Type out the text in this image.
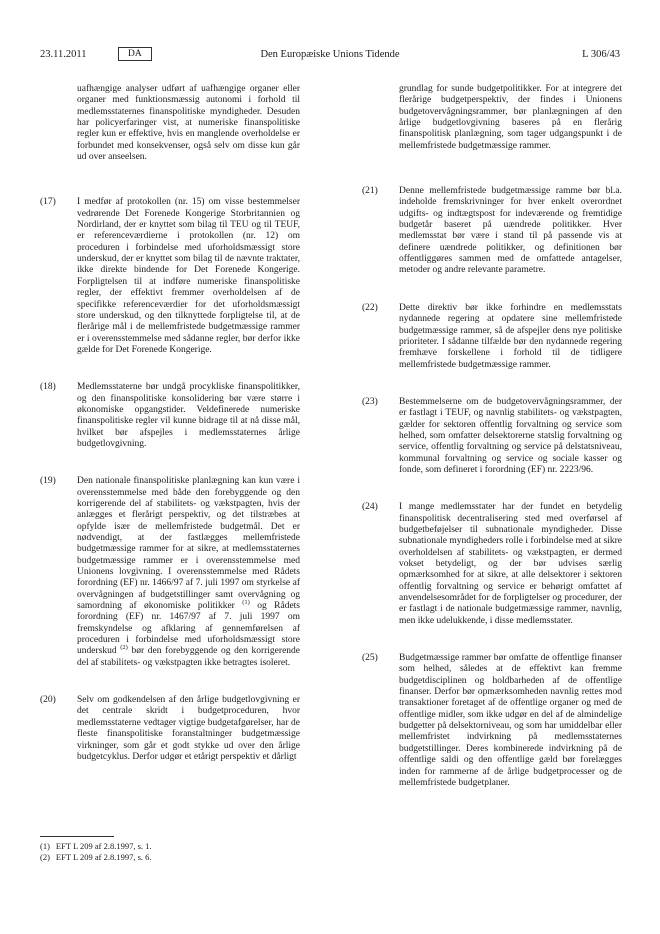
23.11.2011	DA	Den Europæiske Unions Tidende	L 306/43
uafhængige analyser udført af uafhængige organer eller organer med funktionsmæssig autonomi i forhold til medlemsstaternes finanspolitiske myndigheder. Desuden har policyerfaringer vist, at numeriske finanspolitiske regler kun er effektive, hvis en manglende overholdelse er forbundet med konsekvenser, også selv om disse kun går ud over anseelsen.
(17) I medfør af protokollen (nr. 15) om visse bestemmelser vedrørende Det Forenede Kongerige Storbritannien og Nordirland, der er knyttet som bilag til TEU og til TEUF, er referenceværdierne i protokollen (nr. 12) om proceduren i forbindelse med uforholdsmæssigt store underskud, der er knyttet som bilag til de nævnte traktater, ikke direkte bindende for Det Forenede Kongerige. Forpligtelsen til at indføre numeriske finanspolitiske regler, der effektivt fremmer overholdelsen af de specifikke referenceværdier for det uforholdsmæssigt store underskud, og den tilknyttede forpligtelse til, at de flerårige mål i de mellemfristede budgetmæssige rammer er i overensstemmelse med sådanne regler, bør derfor ikke gælde for Det Forenede Kongerige.
(18) Medlemsstaterne bør undgå procykliske finanspolitikker, og den finanspolitiske konsolidering bør være større i økonomiske opgangstider. Veldefinerede numeriske finanspolitiske regler vil kunne bidrage til at nå disse mål, hvilket bør afspejles i medlemsstaternes årlige budgetlovgivning.
(19) Den nationale finanspolitiske planlægning kan kun være i overensstemmelse med både den forebyggende og den korrigerende del af stabilitets- og vækstpagten, hvis der anlægges et flerårigt perspektiv, og det tilstræbes at opfylde især de mellemfristede budgetmål. Det er nødvendigt, at der fastlægges mellemfristede budgetmæssige rammer for at sikre, at medlemsstaternes budgetmæssige rammer er i overensstemmelse med Unionens lovgivning. I overensstemmelse med Rådets forordning (EF) nr. 1466/97 af 7. juli 1997 om styrkelse af overvågningen af budgetstillinger samt overvågning og samordning af økonomiske politikker $^{(1)}$ og Rådets forordning (EF) nr. 1467/97 af 7. juli 1997 om fremskyndelse og afklaring af gennemførelsen af proceduren i forbindelse med uforholdsmæssigt store underskud $^{(2)}$ bør den forebyggende og den korrigerende del af stabilitets- og vækstpagten ikke betragtes isoleret.
(20) Selv om godkendelsen af den årlige budgetlovgivning er det centrale skridt i budgetproceduren, hvor medlemsstaterne vedtager vigtige budgetafgørelser, har de fleste finanspolitiske foranstaltninger budgetmæssige virkninger, som går et godt stykke ud over den årlige budgetcyklus. Derfor udgør et etårigt perspektiv et dårligt
grundlag for sunde budgetpolitikker. For at integrere det flerårige budgetperspektiv, der findes i Unionens budgetovervågningsrammer, bør planlægningen af den årlige budgetlovgivning baseres på en flerårig finanspolitisk planlægning, som tager udgangspunkt i de mellemfristede budgetmæssige rammer.
(21) Denne mellemfristede budgetmæssige ramme bør bl.a. indeholde fremskrivninger for hver enkelt overordnet udgifts- og indtægtspost for indeværende og fremtidige budgetår baseret på uændrede politikker. Hver medlemsstat bør være i stand til på passende vis at definere uændrede politikker, og definitionen bør offentliggøres sammen med de omfattede antagelser, metoder og andre relevante parametre.
(22) Dette direktiv bør ikke forhindre en medlemsstats nydannede regering at opdatere sine mellemfristede budgetmæssige rammer, så de afspejler dens nye politiske prioriteter. I sådanne tilfælde bør den nydannede regering fremhæve forskellene i forhold til de tidligere mellemfristede budgetmæssige rammer.
(23) Bestemmelserne om de budgetovervågningsrammer, der er fastlagt i TEUF, og navnlig stabilitets- og vækstpagten, gælder for sektoren offentlig forvaltning og service som helhed, som omfatter delsektorerne statslig forvaltning og service, offentlig forvaltning og service på delstatsniveau, kommunal forvaltning og service og sociale kasser og fonde, som defineret i forordning (EF) nr. 2223/96.
(24) I mange medlemsstater har der fundet en betydelig finanspolitisk decentralisering sted med overførsel af budgetbeføjelser til subnationale myndigheder. Disse subnationale myndigheders rolle i forbindelse med at sikre overholdelsen af stabilitets- og vækstpagten, er dermed vokset betydeligt, og der bør udvises særlig opmærksomhed for at sikre, at alle delsektorer i sektoren offentlig forvaltning og service er behørigt omfattet af anvendelsesområdet for de forpligtelser og procedurer, der er fastlagt i de nationale budgetmæssige rammer, navnlig, men ikke udelukkende, i disse medlemsstater.
(25) Budgetmæssige rammer bør omfatte de offentlige finanser som helhed, således at de effektivt kan fremme budgetdisciplinen og holdbarheden af de offentlige finanser. Derfor bør opmærksomheden navnlig rettes mod transaktioner foretaget af de offentlige organer og med de offentlige midler, som ikke udgør en del af de almindelige budgetter på delsektorniveau, og som har umiddelbar eller mellemfristet indvirkning på medlemsstaternes budgetstillinger. Deres kombinerede indvirkning på de offentlige saldi og den offentlige gæld bør forelægges inden for rammerne af de årlige budgetprocesser og de mellemfristede budgetplaner.
(1) EFT L 209 af 2.8.1997, s. 1.
(2) EFT L 209 af 2.8.1997, s. 6.
